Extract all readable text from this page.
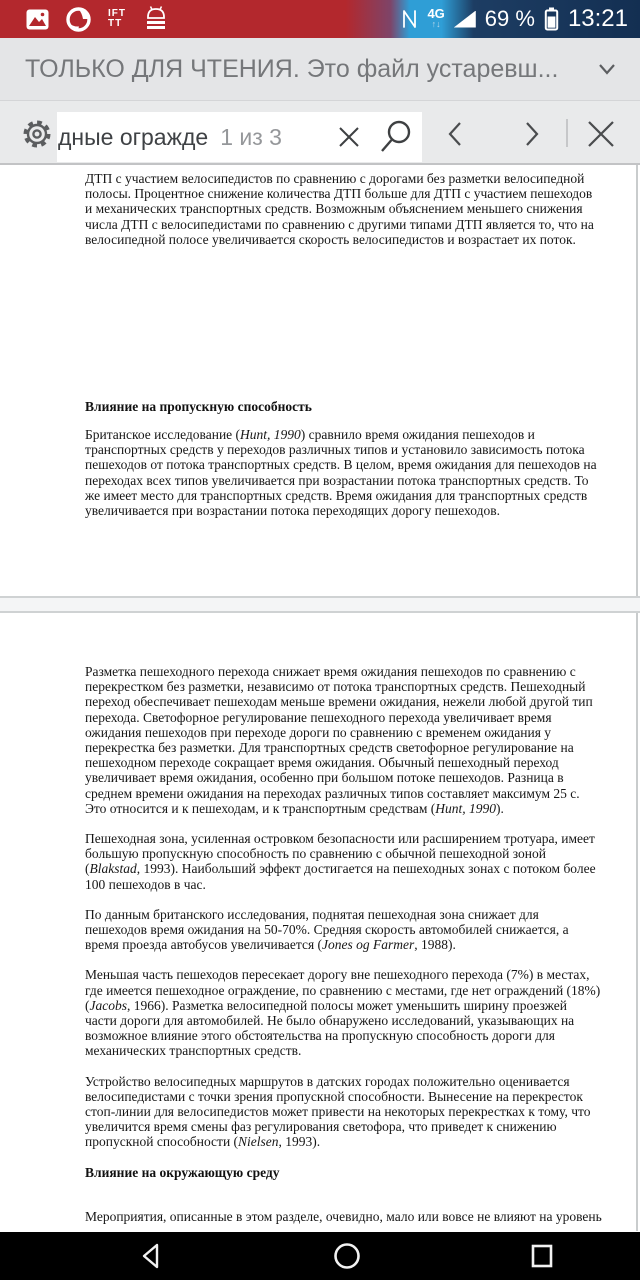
IFT
TT
4G
↑↓ 69 % 13:21
ТОЛЬКО ДЛЯ ЧТЕНИЯ. Это файл устаревш...
дные огражде 1 из 3
ДТП с участием велосипедистов по сравнению с дорогами без разметки велосипедной полосы. Процентное снижение количества ДТП больше для ДТП с участием пешеходов и механических транспортных средств. Возможным объяснением меньшего снижения числа ДТП с велосипедистами по сравнению с другими типами ДТП является то, что на велосипедной полосе увеличивается скорость велосипедистов и возрастает их поток.
Влияние на пропускную способность
Британское исследование (Hunt, 1990) сравнило время ожидания пешеходов и транспортных средств у переходов различных типов и установило зависимость потока пешеходов от потока транспортных средств. В целом, время ожидания для пешеходов на переходах всех типов увеличивается при возрастании потока транспортных средств. То же имеет место для транспортных средств. Время ожидания для транспортных средств увеличивается при возрастании потока переходящих дорогу пешеходов.
Разметка пешеходного перехода снижает время ожидания пешеходов по сравнению с перекрестком без разметки, независимо от потока транспортных средств. Пешеходный переход обеспечивает пешеходам меньше времени ожидания, нежели любой другой тип перехода. Светофорное регулирование пешеходного перехода увеличивает время ожидания пешеходов при переходе дороги по сравнению с временем ожидания у перекрестка без разметки. Для транспортных средств светофорное регулирование на пешеходном переходе сокращает время ожидания. Обычный пешеходный переход увеличивает время ожидания, особенно при большом потоке пешеходов. Разница в среднем времени ожидания на переходах различных типов составляет максимум 25 с. Это относится и к пешеходам, и к транспортным средствам (Hunt, 1990).
Пешеходная зона, усиленная островком безопасности или расширением тротуара, имеет большую пропускную способность по сравнению с обычной пешеходной зоной (Blakstad, 1993). Наибольший эффект достигается на пешеходных зонах с потоком более 100 пешеходов в час.
По данным британского исследования, поднятая пешеходная зона снижает для пешеходов время ожидания на 50-70%. Средняя скорость автомобилей снижается, а время проезда автобусов увеличивается (Jones og Farmer, 1988).
Меньшая часть пешеходов пересекает дорогу вне пешеходного перехода (7%) в местах, где имеется пешеходное ограждение, по сравнению с местами, где нет ограждений (18%) (Jacobs, 1966). Разметка велосипедной полосы может уменьшить ширину проезжей части дороги для автомобилей. Не было обнаружено исследований, указывающих на возможное влияние этого обстоятельства на пропускную способность дороги для механических транспортных средств.
Устройство велосипедных маршрутов в датских городах положительно оценивается велосипедистами с точки зрения пропускной способности. Вынесение на перекресток стоп-линии для велосипедистов может привести на некоторых перекрестках к тому, что увеличится время смены фаз регулирования светофора, что приведет к снижению пропускной способности (Nielsen, 1993).
Влияние на окружающую среду
Мероприятия, описанные в этом разделе, очевидно, мало или вовсе не влияют на уровень
